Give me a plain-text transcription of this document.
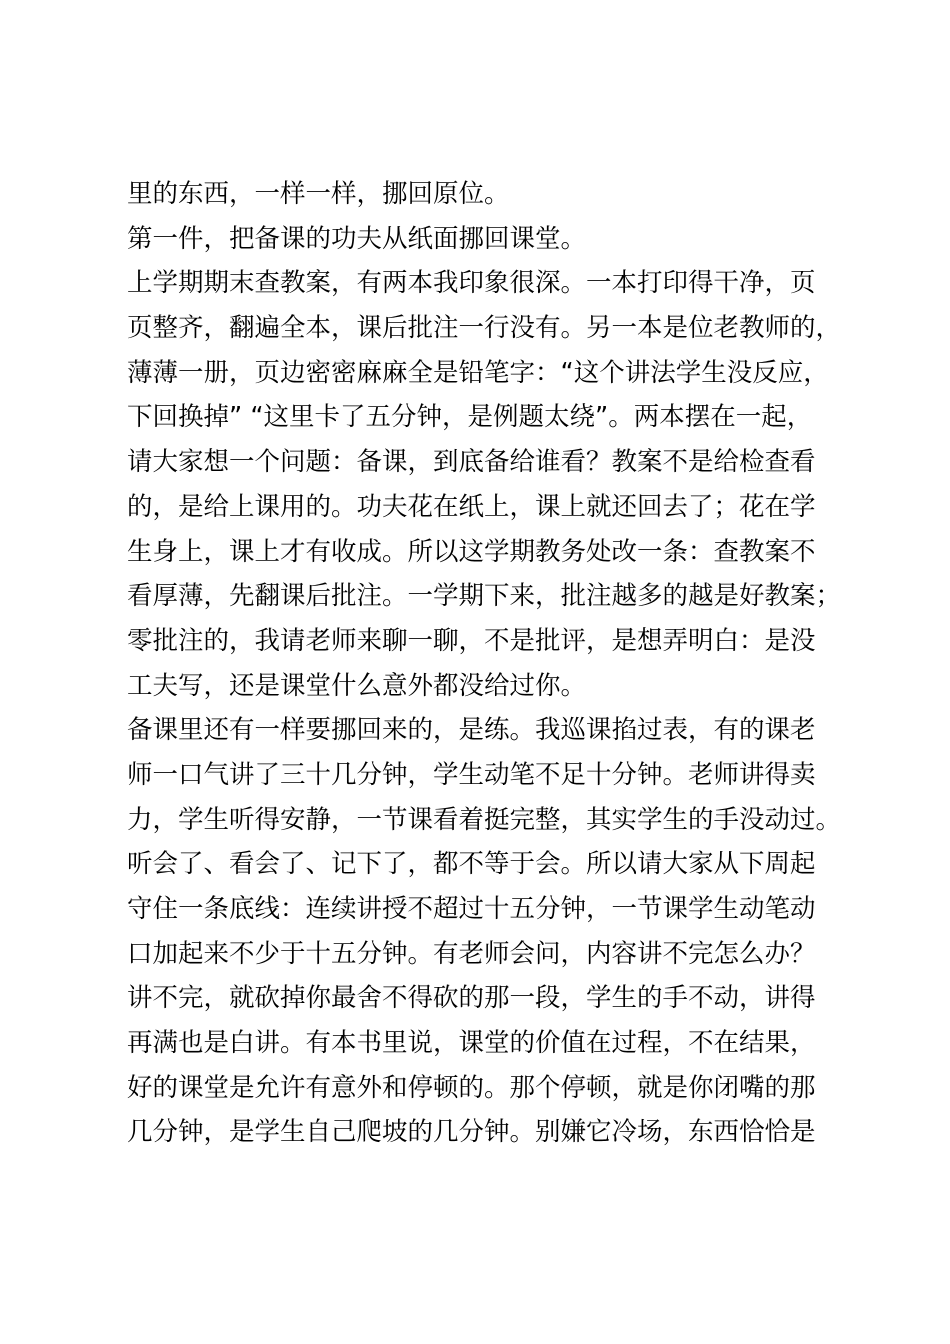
里的东西，一样一样，挪回原位。
第一件，把备课的功夫从纸面挪回课堂。
上学期期末查教案，有两本我印象很深。一本打印得干净，页
页整齐，翻遍全本，课后批注一行没有。另一本是位老教师的，
薄薄一册，页边密密麻麻全是铅笔字：“这个讲法学生没反应，
下回换掉” “这里卡了五分钟，是例题太绕”。两本摆在一起，
请大家想一个问题：备课，到底备给谁看？教案不是给检查看
的，是给上课用的。功夫花在纸上，课上就还回去了；花在学
生身上，课上才有收成。所以这学期教务处改一条：查教案不
看厚薄，先翻课后批注。一学期下来，批注越多的越是好教案；
零批注的，我请老师来聊一聊，不是批评，是想弄明白：是没
工夫写，还是课堂什么意外都没给过你。
备课里还有一样要挪回来的，是练。我巡课掐过表，有的课老
师一口气讲了三十几分钟，学生动笔不足十分钟。老师讲得卖
力，学生听得安静，一节课看着挺完整，其实学生的手没动过。
听会了、看会了、记下了，都不等于会。所以请大家从下周起
守住一条底线：连续讲授不超过十五分钟，一节课学生动笔动
口加起来不少于十五分钟。有老师会问，内容讲不完怎么办？
讲不完，就砍掉你最舍不得砍的那一段，学生的手不动，讲得
再满也是白讲。有本书里说，课堂的价值在过程，不在结果，
好的课堂是允许有意外和停顿的。那个停顿，就是你闭嘴的那
几分钟，是学生自己爬坡的几分钟。别嫌它冷场，东西恰恰是
